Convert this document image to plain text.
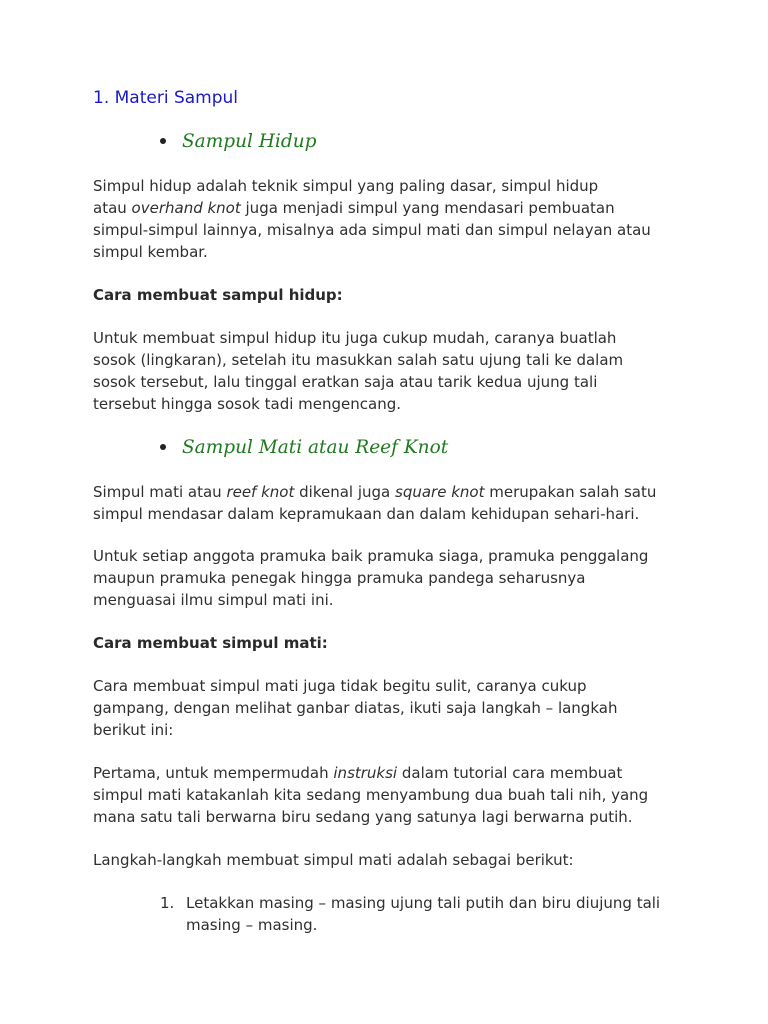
1. Materi Sampul
Sampul Hidup

Simpul hidup adalah teknik simpul yang paling dasar, simpul hidup
atau overhand knot juga menjadi simpul yang mendasari pembuatan
simpul-simpul lainnya, misalnya ada simpul mati dan simpul nelayan atau
simpul kembar.

Cara membuat sampul hidup:

Untuk membuat simpul hidup itu juga cukup mudah, caranya buatlah
sosok (lingkaran), setelah itu masukkan salah satu ujung tali ke dalam
sosok tersebut, lalu tinggal eratkan saja atau tarik kedua ujung tali
tersebut hingga sosok tadi mengencang.

Sampul Mati atau Reef Knot

Simpul mati atau reef knot dikenal juga square knot merupakan salah satu
simpul mendasar dalam kepramukaan dan dalam kehidupan sehari-hari.

Untuk setiap anggota pramuka baik pramuka siaga, pramuka penggalang
maupun pramuka penegak hingga pramuka pandega seharusnya
menguasai ilmu simpul mati ini.

Cara membuat simpul mati:

Cara membuat simpul mati juga tidak begitu sulit, caranya cukup
gampang, dengan melihat ganbar diatas, ikuti saja langkah – langkah
berikut ini:

Pertama, untuk mempermudah instruksi dalam tutorial cara membuat
simpul mati katakanlah kita sedang menyambung dua buah tali nih, yang
mana satu tali berwarna biru sedang yang satunya lagi berwarna putih.

Langkah-langkah membuat simpul mati adalah sebagai berikut:

1. Letakkan masing – masing ujung tali putih dan biru diujung tali
masing – masing.
